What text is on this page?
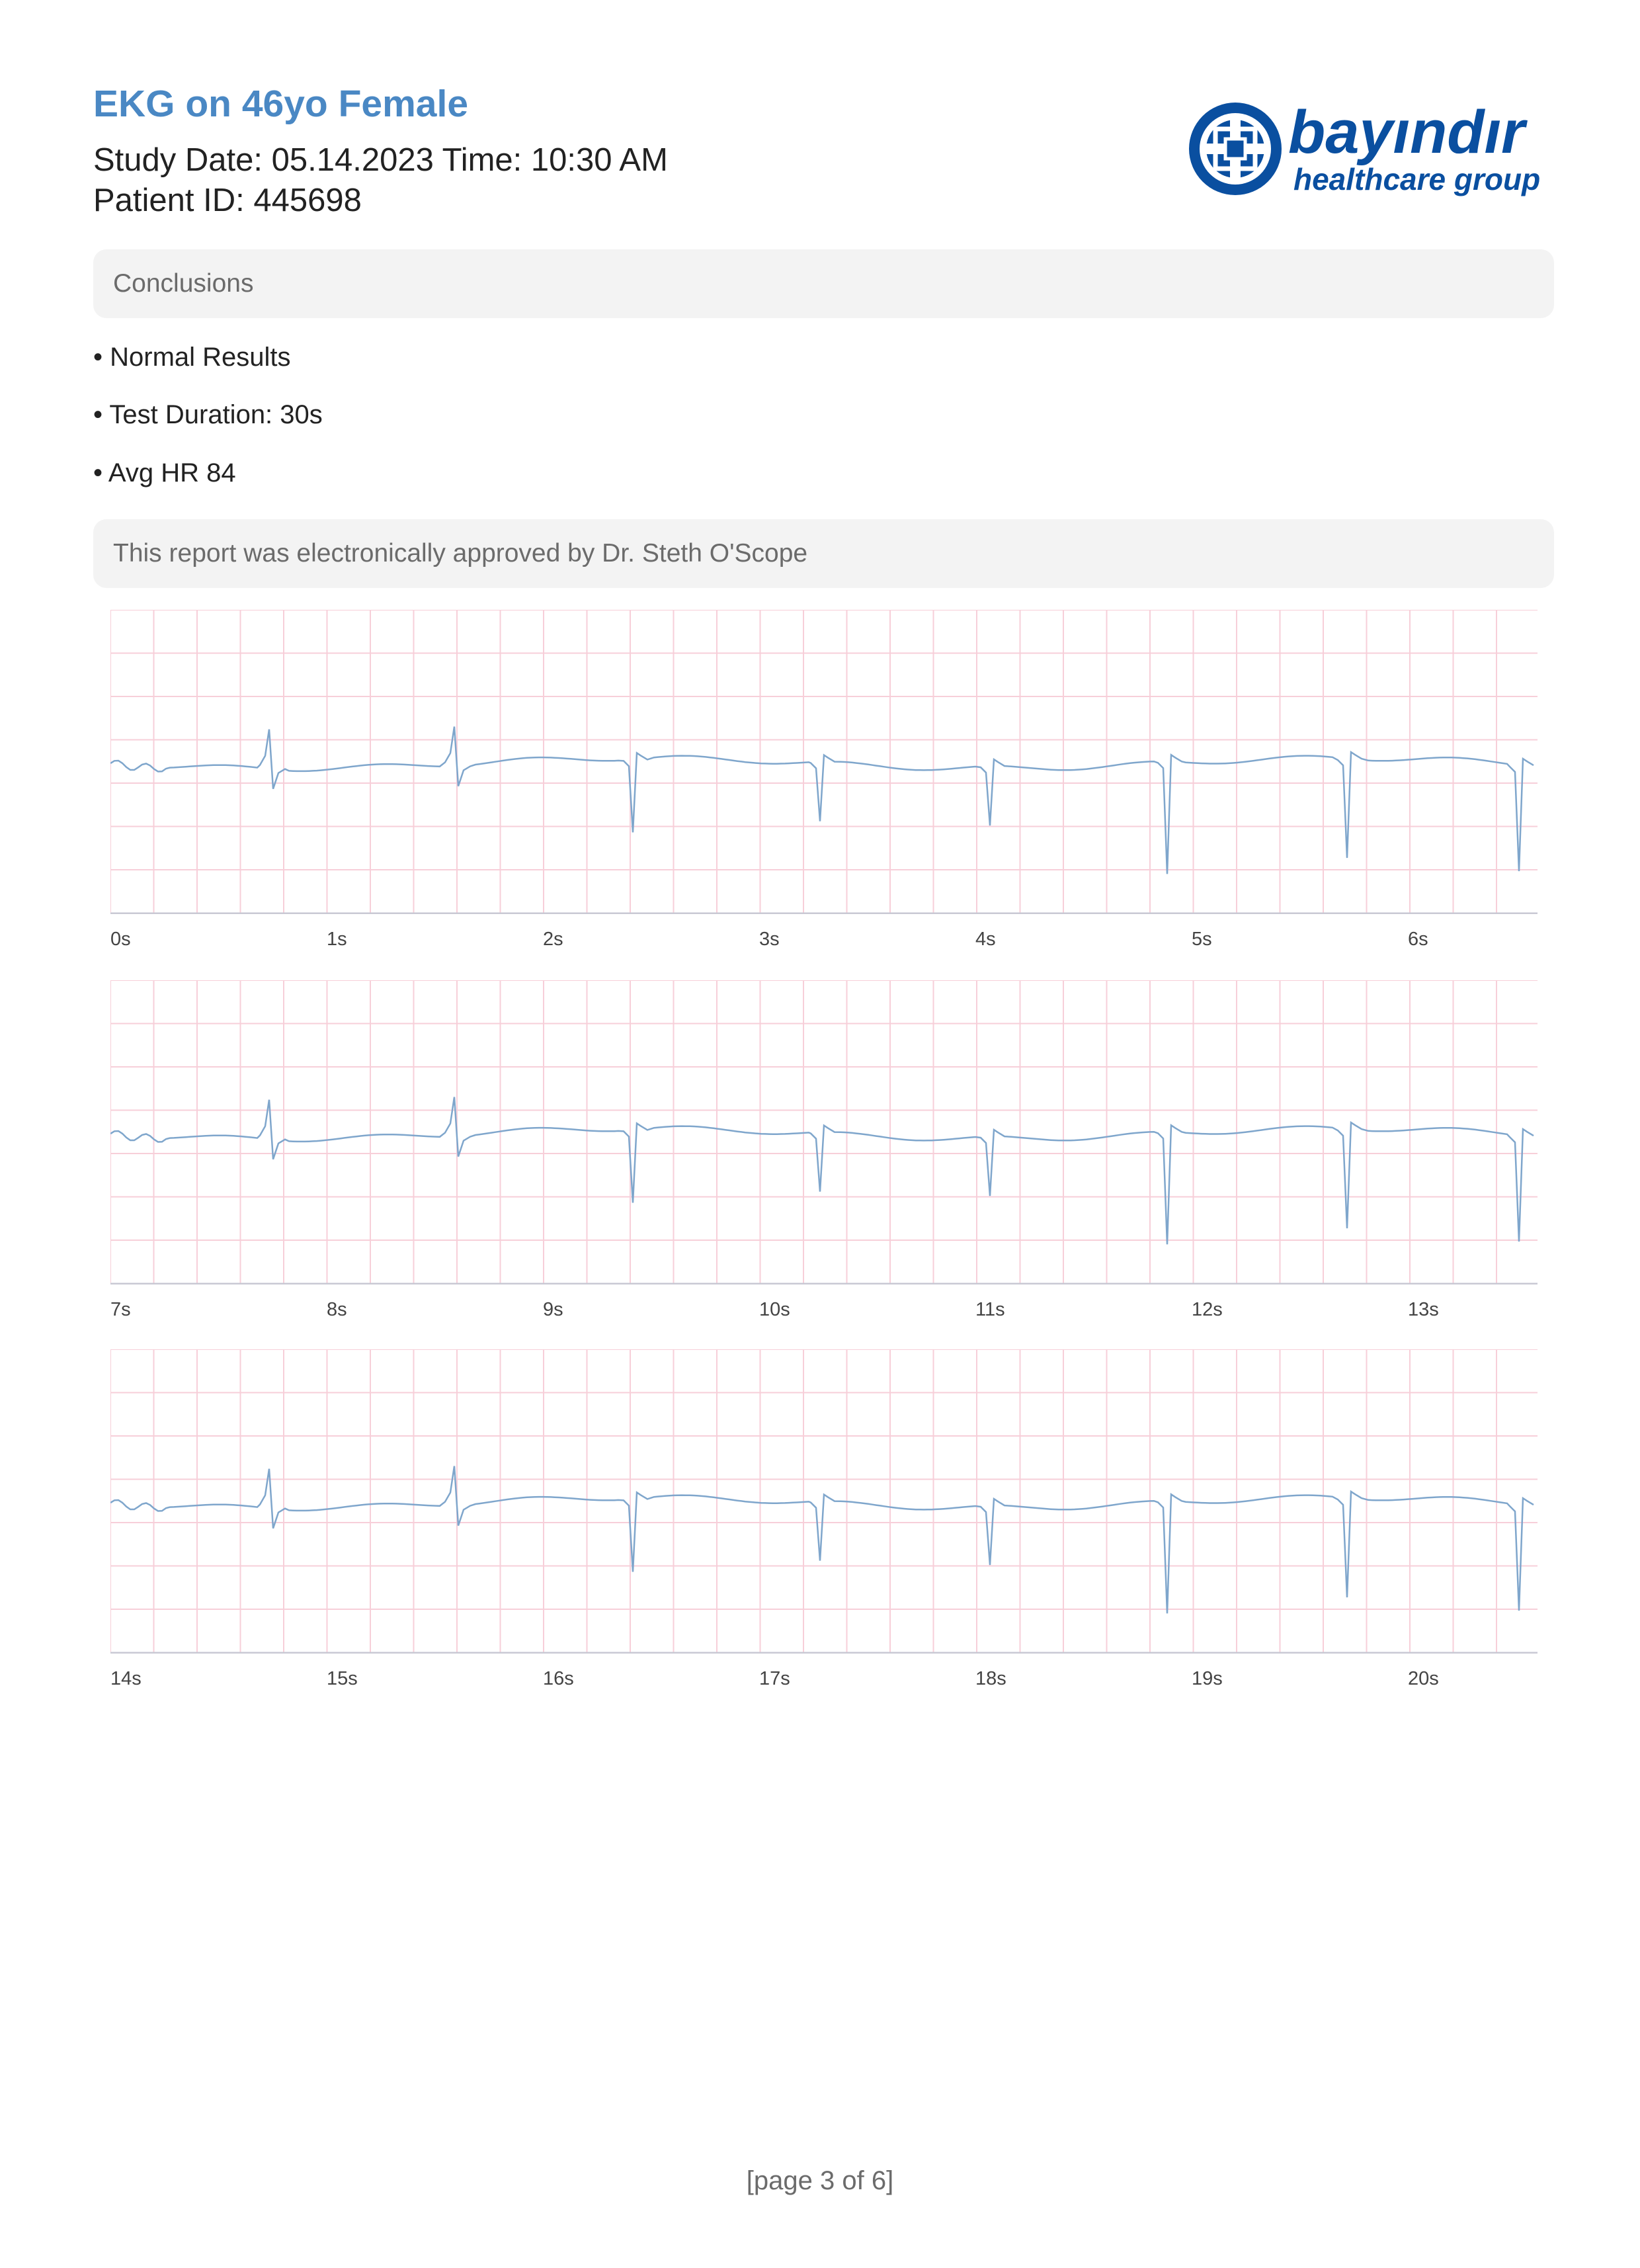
EKG on 46yo Female
Study Date: 05.14.2023 Time: 10:30 AM
Patient ID: 445698
bayındır
healthcare group
Conclusions
• Normal Results
• Test Duration: 30s
• Avg HR 84
This report was electronically approved by Dr. Steth O'Scope
0s	1s	2s	3s	4s	5s	6s
7s	8s	9s	10s	11s	12s	13s
14s	15s	16s	17s	18s	19s	20s
[page 3 of 6]
